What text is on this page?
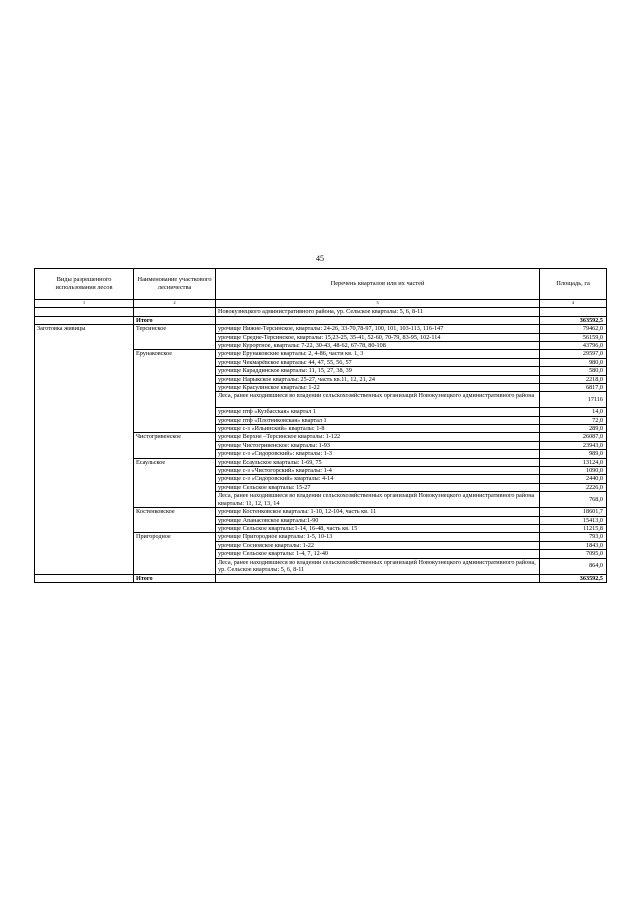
45
Виды разрешенного использования лесов	Наименование участкового лесничества	Перечень кварталов или их частей	Площадь, га
1	2	3	4
		Новокузнецкого административного района, ур. Сельское кварталы: 5, 6, 8-11	
	Итого		363592,5
Заготовка живицы	Терсинское	урочище Нижне-Терсинское, кварталы: 24-26, 33-70,78-97, 100, 101, 103-113, 116-147	79462,0
		урочище Средне-Терсинское, кварталы: 15,23-25, 35-41, 52-60, 70-79, 83-95, 102-114	56159,0
		урочище Курортное, кварталы: 7-22, 30-43, 48-62, 67-78, 80-108	43796,0
	Ерунаковское	урочище Ерунаковские кварталы: 2, 4-86, части кв. 1, 3	29597,0
		урочище Чекмарёвское кварталы: 44, 47, 55, 56, 57	980,0
		урочище Караддинское кварталы: 11, 15, 27, 38, 39	580,0
		урочище Нарыкское кварталы: 25-27, часть кв.11, 12, 21, 24	2218,0
		урочище Красулинское кварталы: 1-22	6817,0
		Леса, ранее находившиеся во владении сельскохозяйственных организаций Новокузнецкого административного района	17116
		урочище птф «Кузбасская» квартал 1	14,0
		урочище птф «Плотниковская» квартал 1	72,0
		урочище с-з «Ильинский» кварталы: 1-8	289,0
	Чистогривенское	урочище Верхне –Терсинское кварталы: 1-122	26087,0
		урочище Чистогривенское: кварталы: 1-93	23943,0
		урочище с-з «Сидоровский»: кварталы: 1-3	989,0
	Есаульское	урочище Есаульское кварталы: 1-69, 75	13124,0
		урочище с-з «Чистогорский» кварталы: 1-4	1090,0
		урочище с-з «Сидоровский» кварталы: 4-14	2440,0
		урочище Сельское кварталы: 15-27	2226,0
		Леса, ранее находившиеся во владении сельскохозяйственных организаций Новокузнецкого административного района кварталы: 11, 12, 13, 14	768,0
	Костенковское	урочище Костенковское кварталы: 1-10, 12-104, часть кв. 11	18601,7
		урочище Апанасовское кварталы:1-90	15413,0
		урочище Сельское кварталы:1-14, 16-48, часть кв. 15	11215,8
	Пригородное	урочище Пригородное кварталы: 1-5, 10-13	793,0
		урочище Сосновское кварталы: 1-22	1843,0
		урочище Сельское кварталы: 1-4, 7, 12-40	7095,0
		Леса, ранее находившиеся во владении сельскохозяйственных организаций Новокузнецкого административного района, ур. Сельское кварталы: 5, 6, 8-11	864,0
	Итого		363592,5
